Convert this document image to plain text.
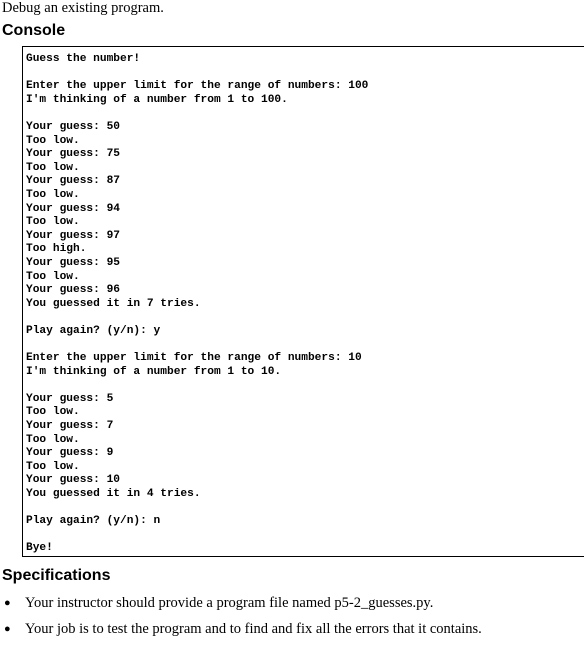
Debug an existing program.

Console
Guess the number!
Enter the upper limit for the range of numbers: 100
I'm thinking of a number from 1 to 100.
Your guess: 50
Too low.
Your guess: 75
Too low.
Your guess: 87
Too low.
Your guess: 94
Too low.
Your guess: 97
Too high.
Your guess: 95
Too low.
Your guess: 96
You guessed it in 7 tries.
Play again? (y/n): y
Enter the upper limit for the range of numbers: 10
I'm thinking of a number from 1 to 10.
Your guess: 5
Too low.
Your guess: 7
Too low.
Your guess: 9
Too low.
Your guess: 10
You guessed it in 4 tries.
Play again? (y/n): n
Bye!
Specifications
● Your instructor should provide a program file named p5-2_guesses.py.
● Your job is to test the program and to find and fix all the errors that it contains.
